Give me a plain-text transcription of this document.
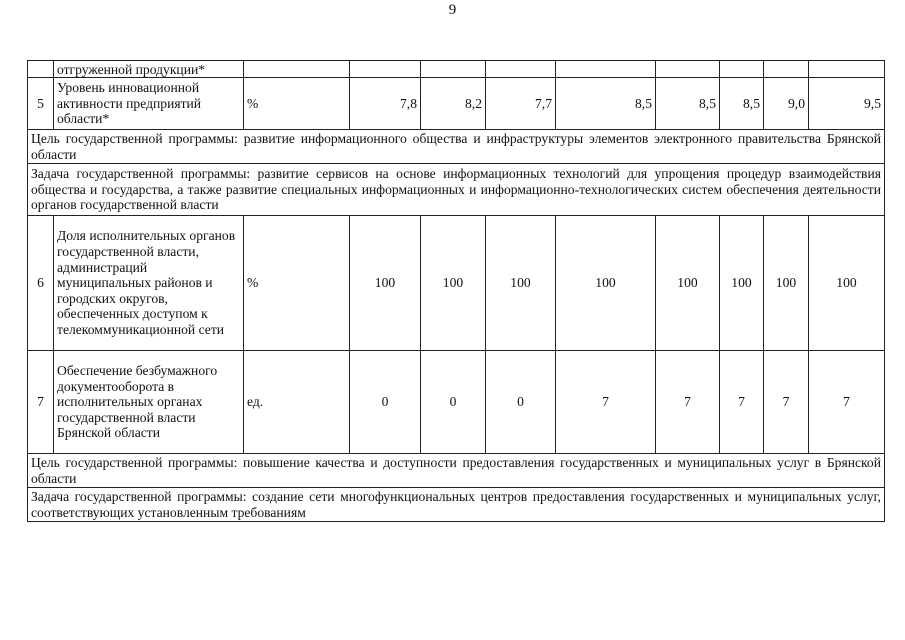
9
	отгруженной продукции*									
5	Уровень инновационной активности предприятий области*	%	7,8	8,2	7,7	8,5	8,5	8,5	9,0	9,5
Цель государственной программы: развитие информационного общества и инфраструктуры элементов электронного правительства Брянской области										
Задача государственной программы: развитие сервисов на основе информационных технологий для упрощения процедур взаимодействия общества и государства, а также развитие специальных информационных и информационно-технологических систем обеспечения деятельности органов государственной власти										
6	Доля исполнительных органов государственной власти, администраций муниципальных районов и городских округов, обеспеченных доступом к телекоммуникационной сети	%	100	100	100	100	100	100	100	100
7	Обеспечение безбумажного документооборота в исполнительных органах государственной власти Брянской области	ед.	0	0	0	7	7	7	7	7
Цель государственной программы: повышение качества и доступности предоставления государственных и муниципальных услуг в Брянской области										
Задача государственной программы: создание сети многофункциональных центров предоставления государственных и муниципальных услуг, соответствующих установленным требованиям										
